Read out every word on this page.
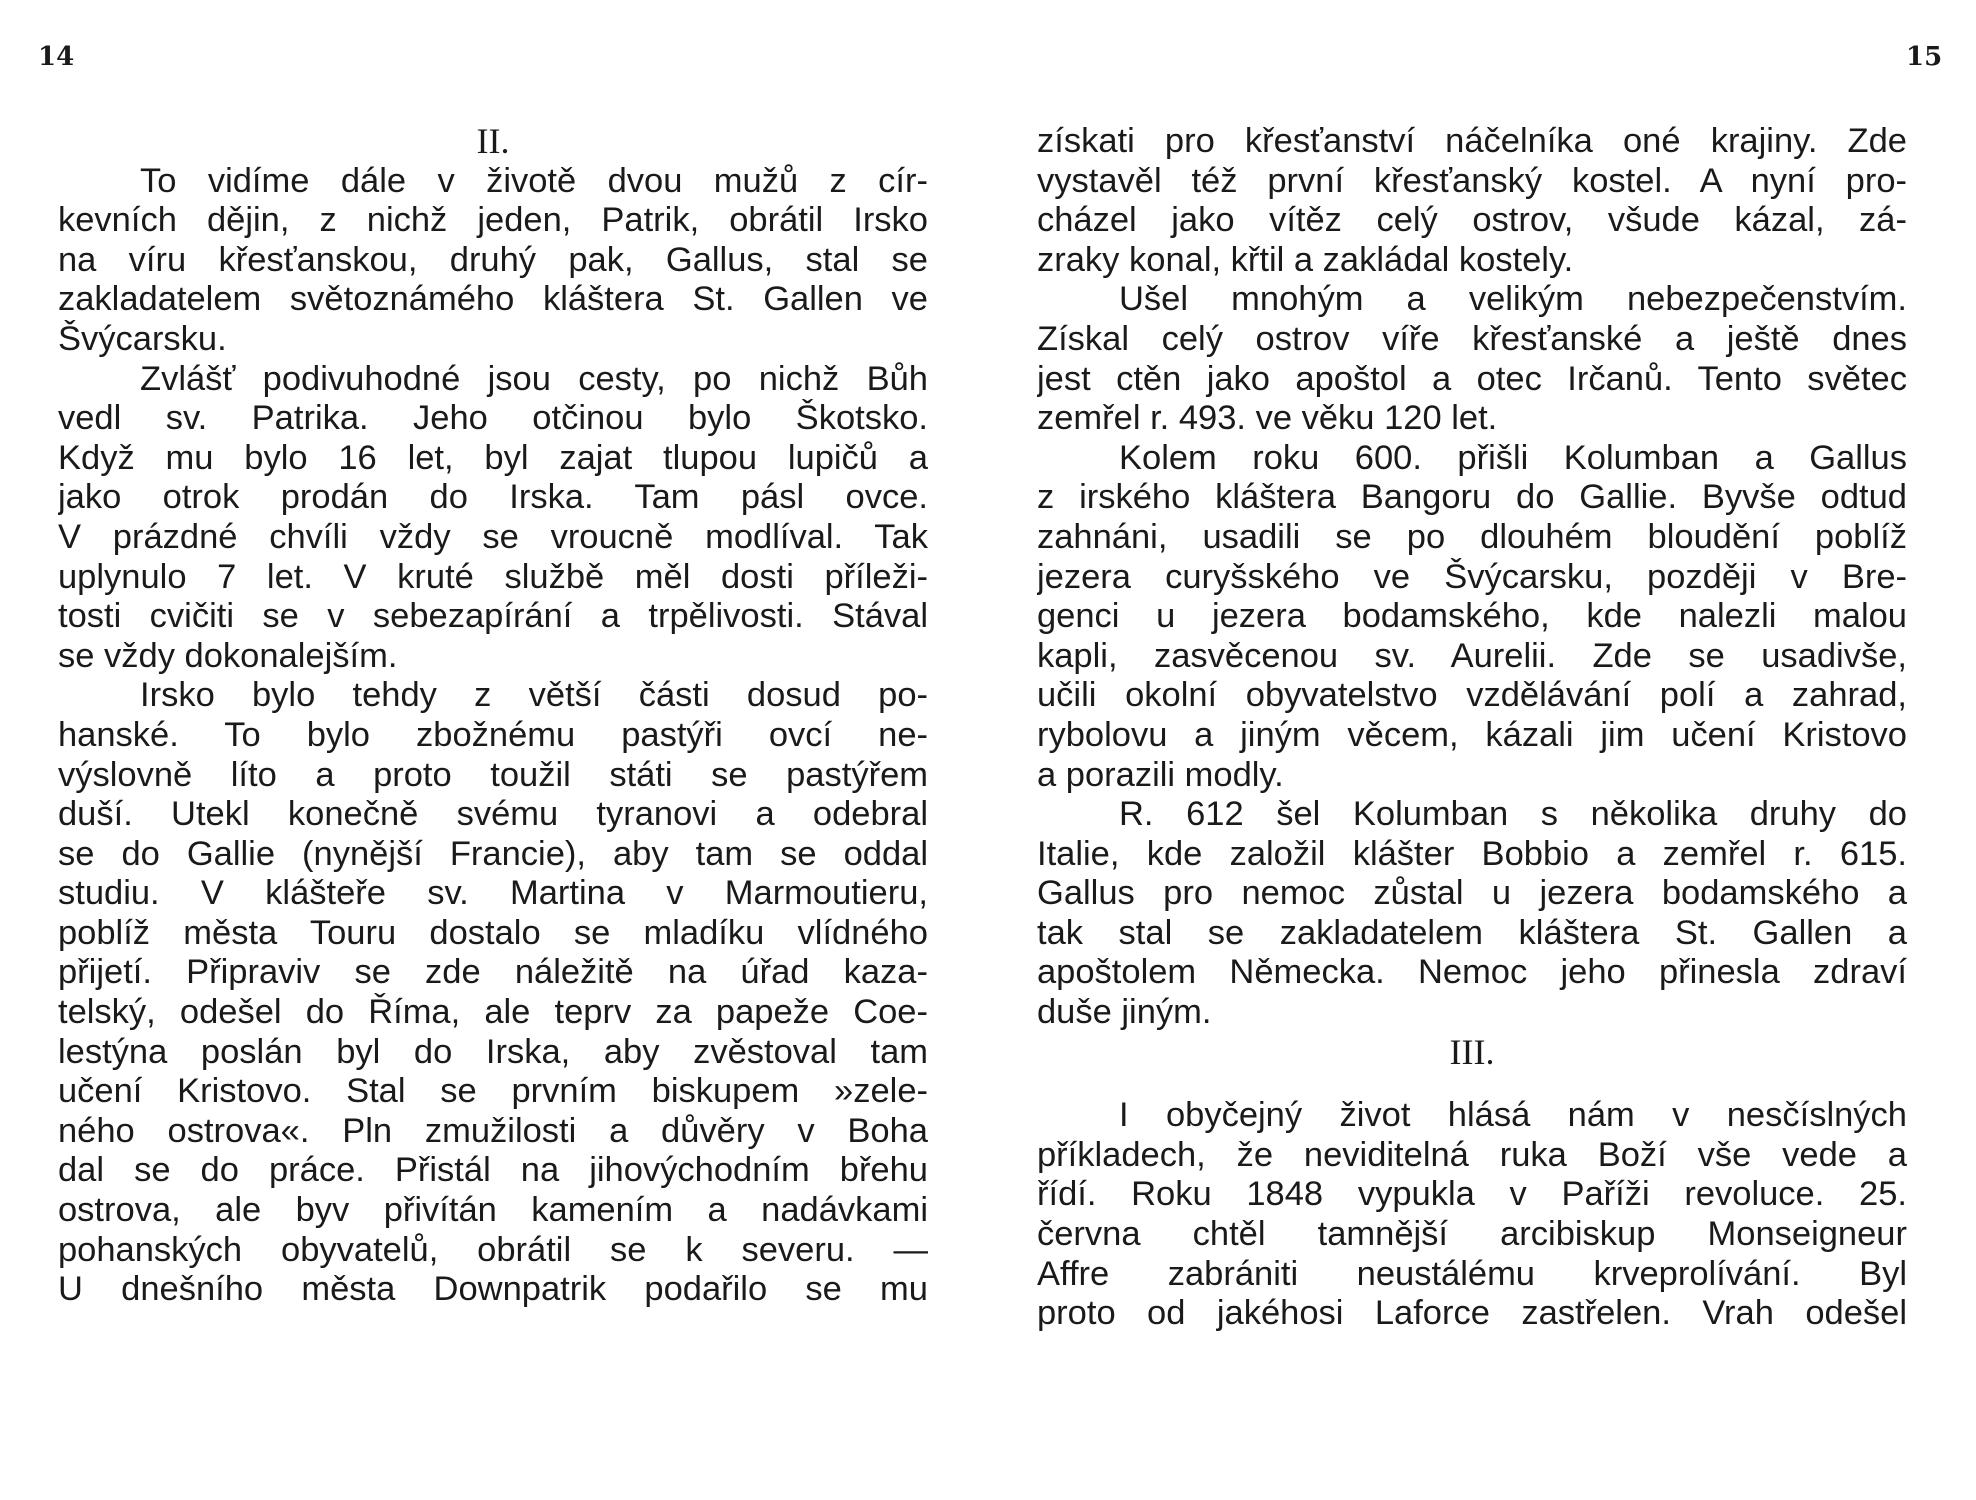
14	15
II.
To vidíme dále v životě dvou mužů z cír-
kevních dějin, z nichž jeden, Patrik, obrátil Irsko
na víru křesťanskou, druhý pak, Gallus, stal se
zakladatelem světoznámého kláštera St. Gallen ve
Švýcarsku.
Zvlášť podivuhodné jsou cesty, po nichž Bůh
vedl sv. Patrika. Jeho otčinou bylo Škotsko.
Když mu bylo 16 let, byl zajat tlupou lupičů a
jako otrok prodán do Irska. Tam pásl ovce.
V prázdné chvíli vždy se vroucně modlíval. Tak
uplynulo 7 let. V kruté službě měl dosti příleži-
tosti cvičiti se v sebezapírání a trpělivosti. Stával
se vždy dokonalejším.
Irsko bylo tehdy z větší části dosud po-
hanské. To bylo zbožnému pastýři ovcí ne-
výslovně líto a proto toužil státi se pastýřem
duší. Utekl konečně svému tyranovi a odebral
se do Gallie (nynější Francie), aby tam se oddal
studiu. V klášteře sv. Martina v Marmoutieru,
poblíž města Touru dostalo se mladíku vlídného
přijetí. Připraviv se zde náležitě na úřad kaza-
telský, odešel do Říma, ale teprv za papeže Coe-
lestýna poslán byl do Irska, aby zvěstoval tam
učení Kristovo. Stal se prvním biskupem »zele-
ného ostrova«. Pln zmužilosti a důvěry v Boha
dal se do práce. Přistál na jihovýchodním břehu
ostrova, ale byv přivítán kamením a nadávkami
pohanských obyvatelů, obrátil se k severu. —
U dnešního města Downpatrik podařilo se mu
získati pro křesťanství náčelníka oné krajiny. Zde
vystavěl též první křesťanský kostel. A nyní pro-
cházel jako vítěz celý ostrov, všude kázal, zá-
zraky konal, křtil a zakládal kostely.
Ušel mnohým a velikým nebezpečenstvím.
Získal celý ostrov víře křesťanské a ještě dnes
jest ctěn jako apoštol a otec Irčanů. Tento světec
zemřel r. 493. ve věku 120 let.
Kolem roku 600. přišli Kolumban a Gallus
z irského kláštera Bangoru do Gallie. Byvše odtud
zahnáni, usadili se po dlouhém bloudění poblíž
jezera curyšského ve Švýcarsku, později v Bre-
genci u jezera bodamského, kde nalezli malou
kapli, zasvěcenou sv. Aurelii. Zde se usadivše,
učili okolní obyvatelstvo vzdělávání polí a zahrad,
rybolovu a jiným věcem, kázali jim učení Kristovo
a porazili modly.
R. 612 šel Kolumban s několika druhy do
Italie, kde založil klášter Bobbio a zemřel r. 615.
Gallus pro nemoc zůstal u jezera bodamského a
tak stal se zakladatelem kláštera St. Gallen a
apoštolem Německa. Nemoc jeho přinesla zdraví
duše jiným.
III.
I obyčejný život hlásá nám v nesčíslných
příkladech, že neviditelná ruka Boží vše vede a
řídí. Roku 1848 vypukla v Paříži revoluce. 25.
června chtěl tamnější arcibiskup Monseigneur
Affre zabrániti neustálému krveprolívání. Byl
proto od jakéhosi Laforce zastřelen. Vrah odešel
